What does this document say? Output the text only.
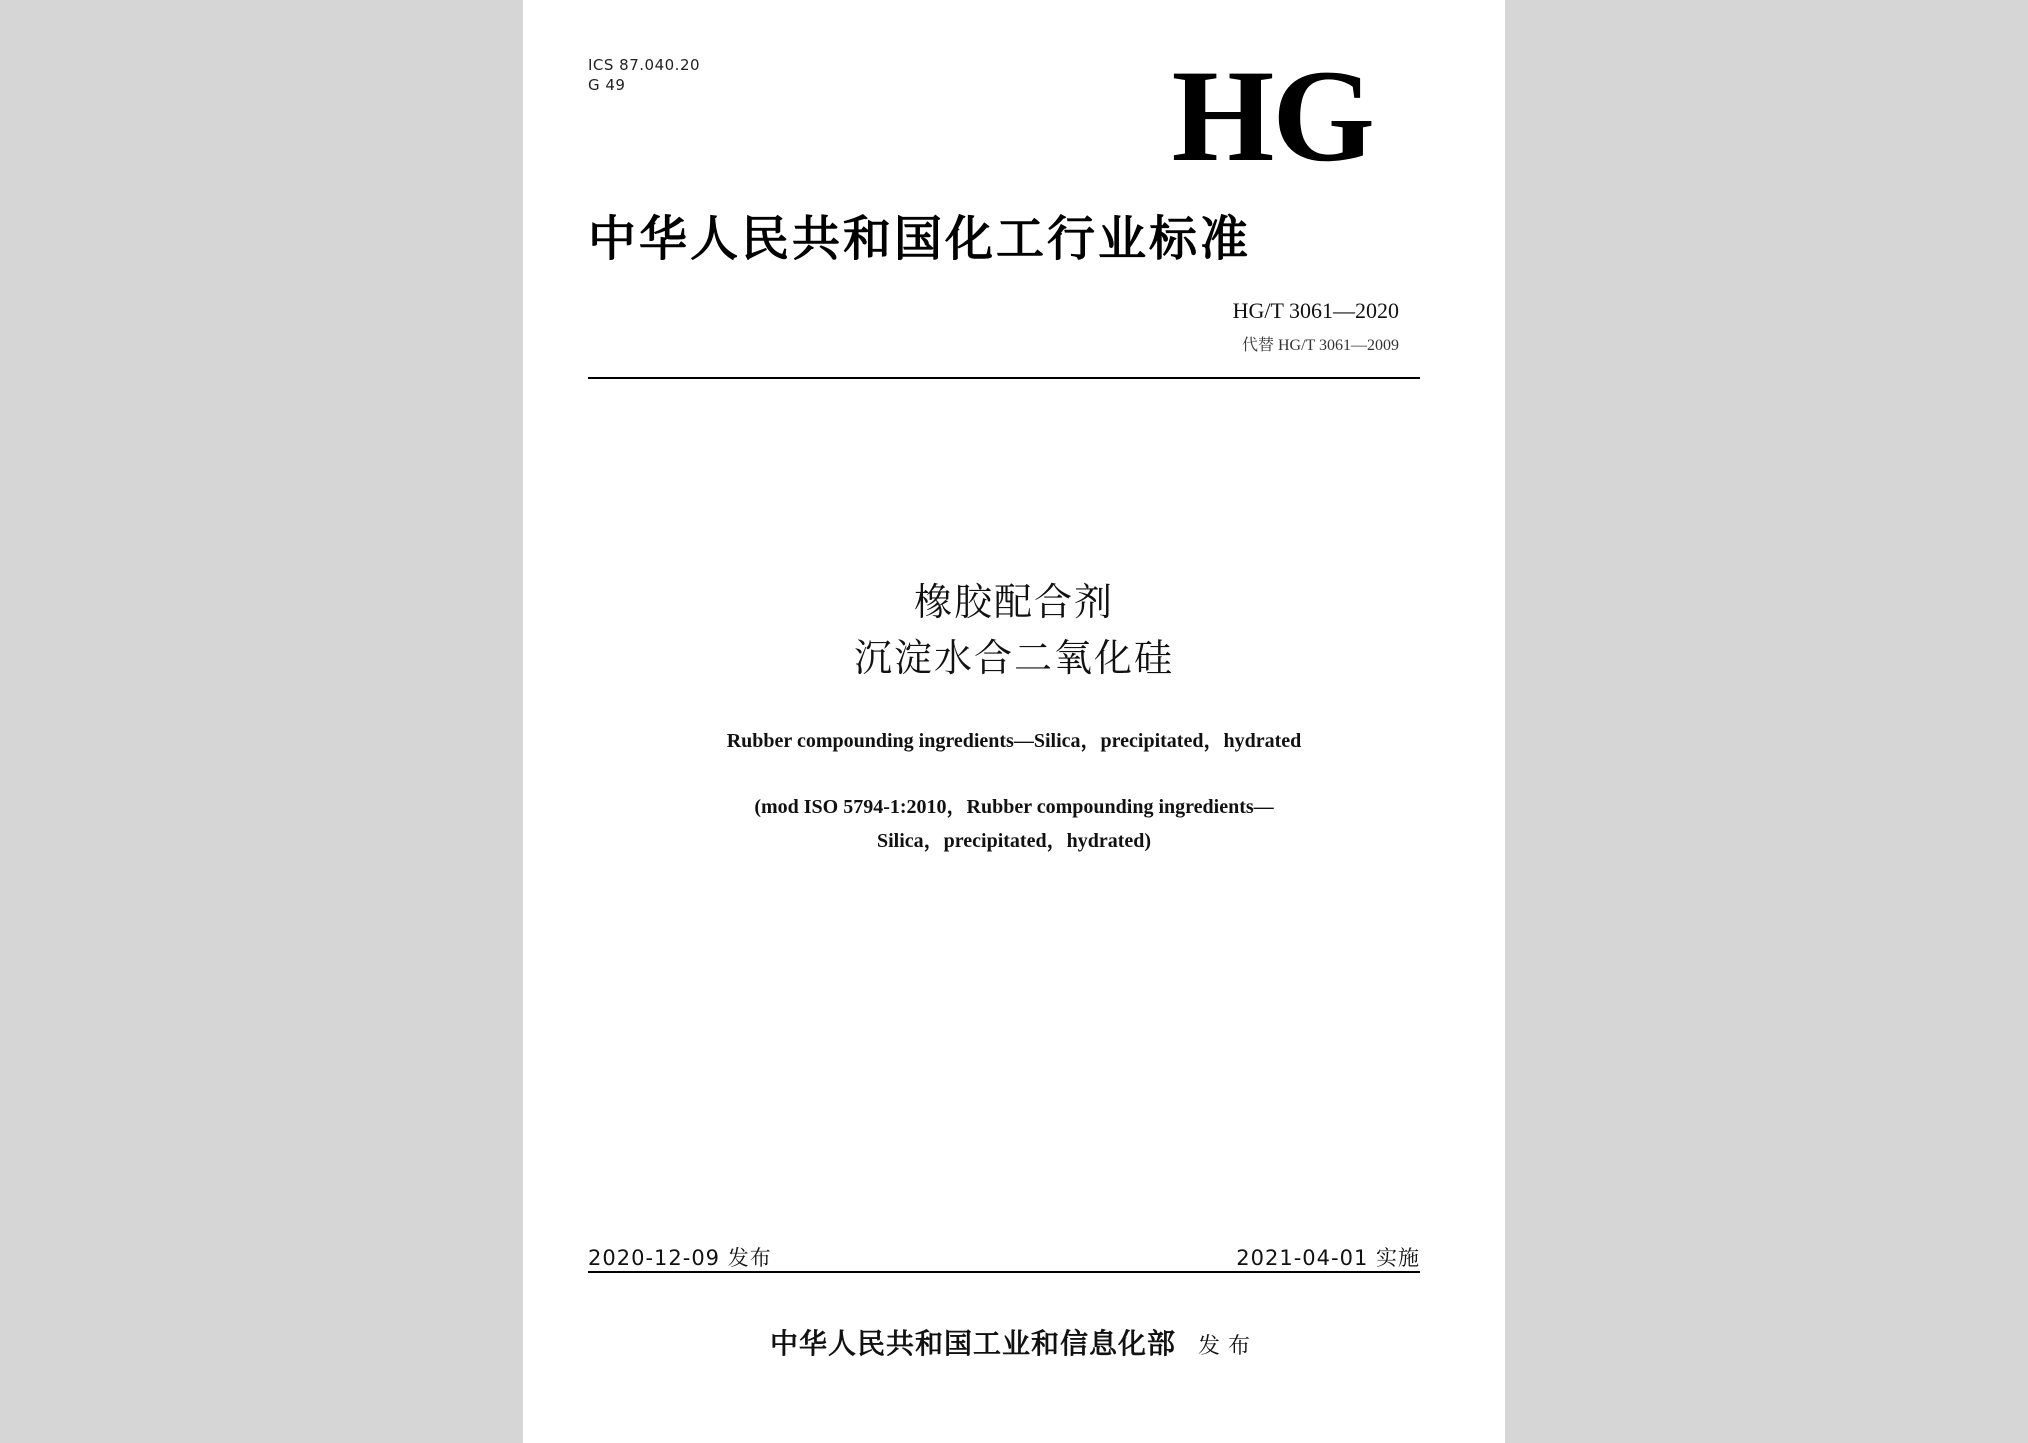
ICS 87.040.20
G 49	HG
中华人民共和国化工行业标准
HG/T 3061—2020
代替 HG/T 3061—2009
橡胶配合剂
沉淀水合二氧化硅
Rubber compounding ingredients—Silica，precipitated，hydrated
(mod ISO 5794-1:2010，Rubber compounding ingredients—
Silica，precipitated，hydrated)
2020-12-09 发布	2021-04-01 实施
中华人民共和国工业和信息化部 发布
